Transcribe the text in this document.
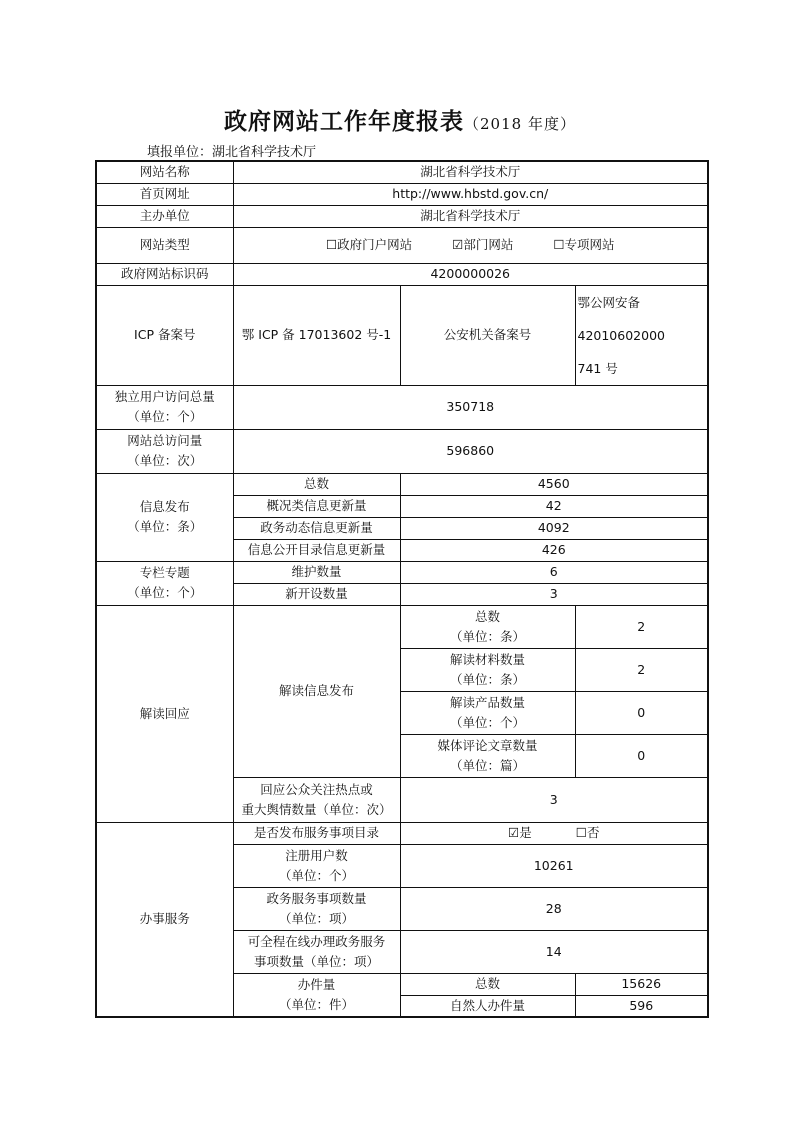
政府网站工作年度报表（2018 年度）
填报单位：湖北省科学技术厅
网站名称	湖北省科学技术厅		
首页网址	http://www.hbstd.gov.cn/		
主办单位	湖北省科学技术厅		
网站类型	☐政府门户网站 ☑部门网站 ☐专项网站		
政府网站标识码	4200000026		
ICP 备案号	鄂 ICP 备 17013602 号-1	公安机关备案号	鄂公网安备
42010602000
741 号

独立用户访问总量
（单位：个）	350718		

网站总访问量
（单位：次）	596860		

信息发布
（单位：条）	总数	4560	
	概况类信息更新量	42	
	政务动态信息更新量	4092	
	信息公开目录信息更新量	426	

专栏专题
（单位：个）	维护数量	6	
	新开设数量	3	
解读回应	解读信息发布	总数
（单位：条）	2

		解读材料数量
（单位：条）	2

		解读产品数量
（单位：个）	0

		媒体评论文章数量
（单位：篇）	0

	回应公众关注热点或
重大舆情数量（单位：次）	3	
办事服务	是否发布服务事项目录	☑是 ☐否	

	注册用户数
（单位：个）	10261	

	政务服务事项数量
（单位：项）	28	

	可全程在线办理政务服务
事项数量（单位：项）	14	

	办件量
（单位：件）	总数	15626
		自然人办件量	596
